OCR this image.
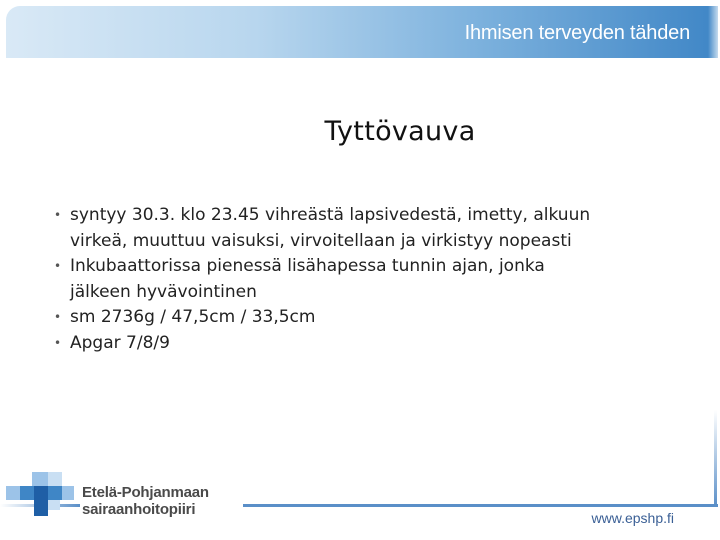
Ihmisen terveyden tähden
Tyttövauva
• syntyy 30.3. klo 23.45 vihreästä lapsivedestä, imetty, alkuun
virkeä, muuttuu vaisuksi, virvoitellaan ja virkistyy nopeasti
• Inkubaattorissa pienessä lisähapessa tunnin ajan, jonka
jälkeen hyvävointinen
• sm 2736g / 47,5cm / 33,5cm
• Apgar 7/8/9
Etelä-Pohjanmaan
sairaanhoitopiiri	www.epshp.fi
